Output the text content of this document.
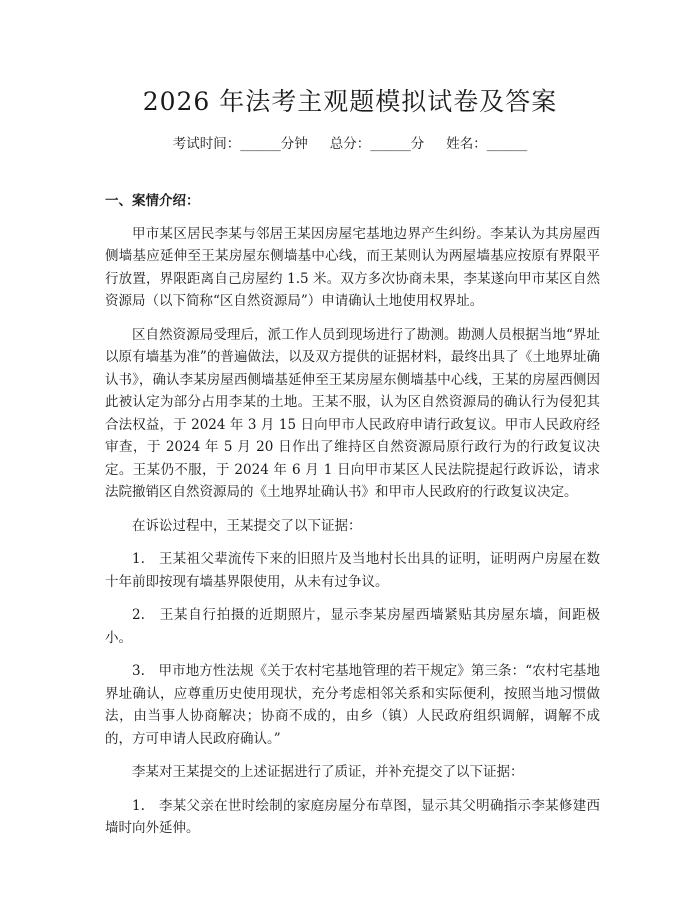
2026 年法考主观题模拟试卷及答案
考试时间：______分钟 总分：______分 姓名：______
一、案情介绍：

甲市某区居民李某与邻居王某因房屋宅基地边界产生纠纷。李某认为其房屋西侧墙基应延伸至王某房屋东侧墙基中心线，而王某则认为两屋墙基应按原有界限平行放置，界限距离自己房屋约 1.5 米。双方多次协商未果，李某遂向甲市某区自然资源局（以下简称“区自然资源局”）申请确认土地使用权界址。

区自然资源局受理后，派工作人员到现场进行了勘测。勘测人员根据当地“界址以原有墙基为准”的普遍做法，以及双方提供的证据材料，最终出具了《土地界址确认书》，确认李某房屋西侧墙基延伸至王某房屋东侧墙基中心线，王某的房屋西侧因此被认定为部分占用李某的土地。王某不服，认为区自然资源局的确认行为侵犯其合法权益，于 2024 年 3 月 15 日向甲市人民政府申请行政复议。甲市人民政府经审查，于 2024 年 5 月 20 日作出了维持区自然资源局原行政行为的行政复议决定。王某仍不服，于 2024 年 6 月 1 日向甲市某区人民法院提起行政诉讼，请求法院撤销区自然资源局的《土地界址确认书》和甲市人民政府的行政复议决定。

在诉讼过程中，王某提交了以下证据：

1.　王某祖父辈流传下来的旧照片及当地村长出具的证明，证明两户房屋在数十年前即按现有墙基界限使用，从未有过争议。

2.　王某自行拍摄的近期照片，显示李某房屋西墙紧贴其房屋东墙，间距极小。

3.　甲市地方性法规《关于农村宅基地管理的若干规定》第三条：“农村宅基地界址确认，应尊重历史使用现状，充分考虑相邻关系和实际便利，按照当地习惯做法，由当事人协商解决；协商不成的，由乡（镇）人民政府组织调解，调解不成的，方可申请人民政府确认。”

李某对王某提交的上述证据进行了质证，并补充提交了以下证据：

1.　李某父亲在世时绘制的家庭房屋分布草图，显示其父明确指示李某修建西墙时向外延伸。
